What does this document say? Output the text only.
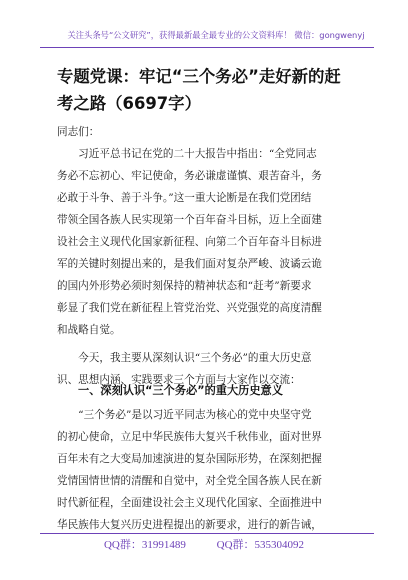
关注头条号“公文研究”，获得最新最全最专业的公文资料库！ 微信：gongwenyj
专题党课：牢记“三个务必”走好新的赶
考之路（6697字）
同志们：
　　习近平总书记在党的二十大报告中指出：“全党同志
务必不忘初心、牢记使命，务必谦虚谨慎、艰苦奋斗，务
必敢于斗争、善于斗争。”这一重大论断是在我们党团结
带领全国各族人民实现第一个百年奋斗目标，迈上全面建
设社会主义现代化国家新征程、向第二个百年奋斗目标进
军的关键时刻提出来的，是我们面对复杂严峻、波谲云诡
的国内外形势必须时刻保持的精神状态和“赶考”新要求
彰显了我们党在新征程上管党治党、兴党强党的高度清醒
和战略自觉。
　　今天，我主要从深刻认识“三个务必”的重大历史意
识、思想内涵、实践要求三个方面与大家作以交流：
一、深刻认识“三个务必”的重大历史意义
　　“三个务必”是以习近平同志为核心的党中央坚守党
的初心使命，立足中华民族伟大复兴千秋伟业，面对世界
百年未有之大变局加速演进的复杂国际形势，在深刻把握
党情国情世情的清醒和自觉中，对全党全国各族人民在新
时代新征程，全面建设社会主义现代化国家、全面推进中
华民族伟大复兴历史进程提出的新要求，进行的新告诫，
QQ群：31991489	QQ群：535304092
